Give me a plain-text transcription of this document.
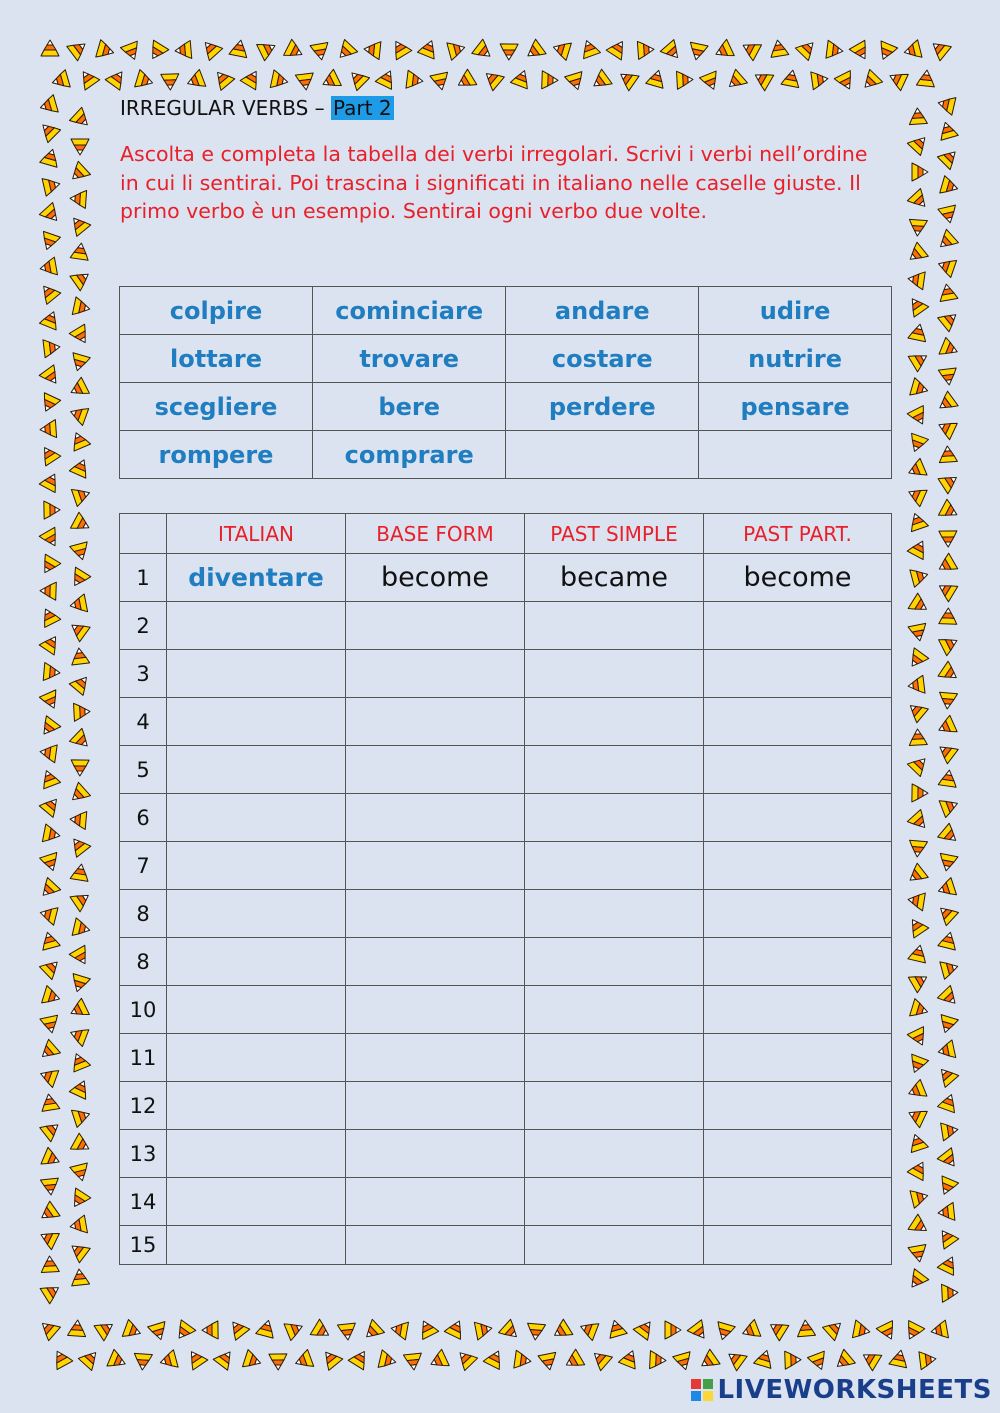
IRREGULAR VERBS – Part 2
Ascolta e completa la tabella dei verbi irregolari. Scrivi i verbi nell’ordine in cui li sentirai. Poi trascina i significati in italiano nelle caselle giuste. Il primo verbo è un esempio. Sentirai ogni verbo due volte.
colpire	cominciare	andare	udire
lottare	trovare	costare	nutrire
scegliere	bere	perdere	pensare
rompere	comprare		
	ITALIAN	BASE FORM	PAST SIMPLE	PAST PART.
1	diventare	become	became	become
2				
3				
4				
5				
6				
7				
8				
8				
10				
11				
12				
13				
14				
15				
LIVEWORKSHEETS
